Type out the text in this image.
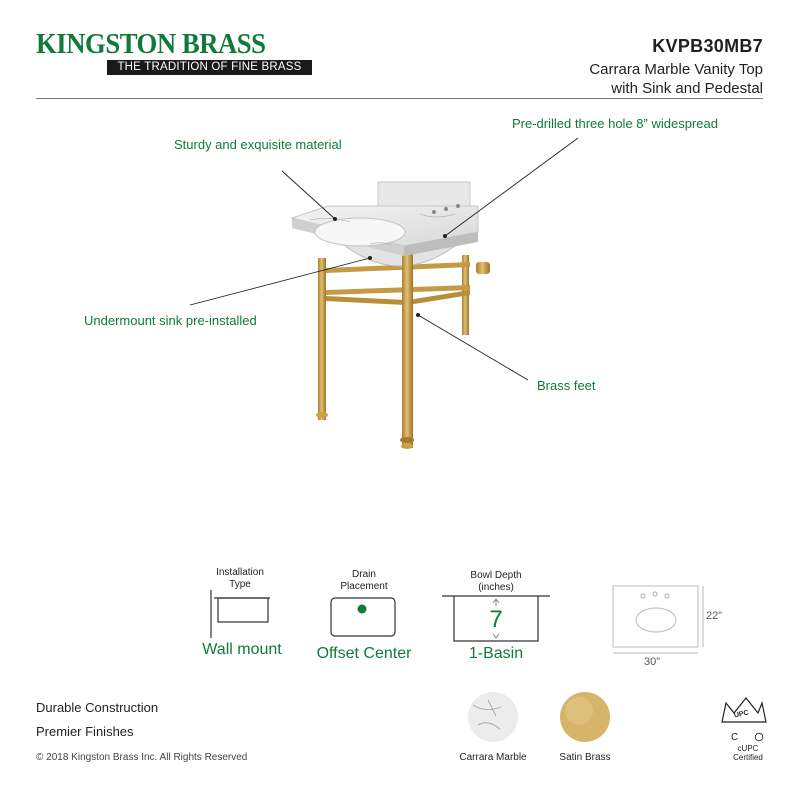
KINGSTON BRASS
THE TRADITION OF FINE BRASS
KVPB30MB7
Carrara Marble Vanity Top
with Sink and Pedestal
C
Sturdy and exquisite material
Pre-drilled three hole 8” widespread
Undermount sink pre-installed
Brass feet
Installation
Type
Wall mount
Drain
Placement
Offset Center
Bowl Depth
(inches)
7
1-Basin
22”
30”
Durable Construction
Premier Finishes
© 2018 Kingston Brass Inc. All Rights Reserved	Carrara Marble	Satin Brass
UPC
cUPC
Certified
